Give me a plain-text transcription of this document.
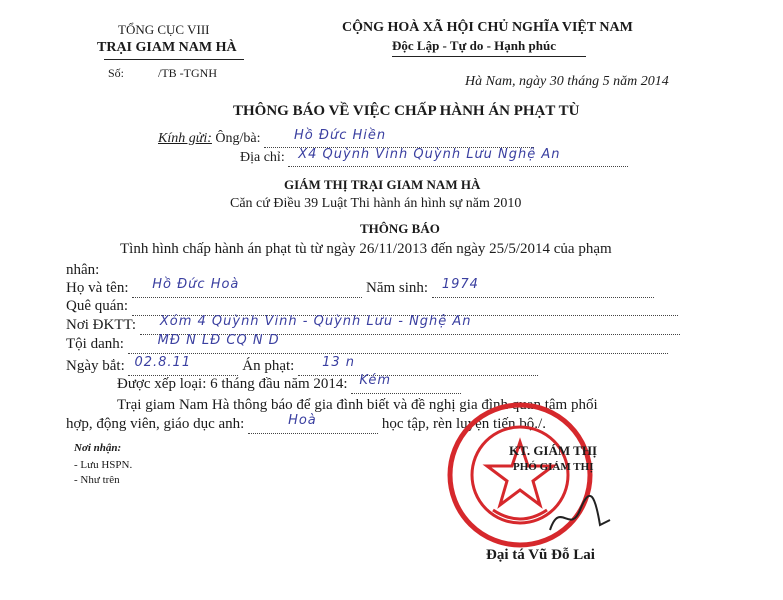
TỔNG CỤC VIII
TRẠI GIAM NAM HÀ
Số:	/TB -TGNH
CỘNG HOÀ XÃ HỘI CHỦ NGHĨA VIỆT NAM
Độc Lập - Tự do - Hạnh phúc
Hà Nam, ngày 30 tháng 5 năm 2014
THÔNG BÁO VỀ VIỆC CHẤP HÀNH ÁN PHẠT TÙ
Kính gửi: Ông/bà:	Hồ Đức Hiền

Địa chỉ: X4 Quỳnh Vinh Quỳnh Lưu Nghệ An

GIÁM THỊ TRẠI GIAM NAM HÀ
Căn cứ Điều 39 Luật Thi hành án hình sự năm 2010
THÔNG BÁO
Tình hình chấp hành án phạt tù từ ngày 26/11/2013 đến ngày 25/5/2014 của phạm
nhân:
Họ và tên: Hồ Đức Hoà	Năm sinh: 1974

Quê quán:
Nơi ĐKTT: Xóm 4 Quỳnh Vinh - Quỳnh Lưu - Nghệ An

Tội danh:	MĐ N LĐ CQ N D

Ngày bắt: 02.8.11	Án phạt: 13 n

Được xếp loại: 6 tháng đầu năm 2014: Kém

Trại giam Nam Hà thông báo để gia đình biết và đề nghị gia đình quan tâm phối
hợp, động viên, giáo dục anh:	Hoà	học tập, rèn luyện tiến bộ./.
Nơi nhận:
- Lưu HSPN.
- Như trên
KT. GIÁM THỊ
PHÓ GIÁM THỊ
Đại tá Vũ Đỗ Lai
